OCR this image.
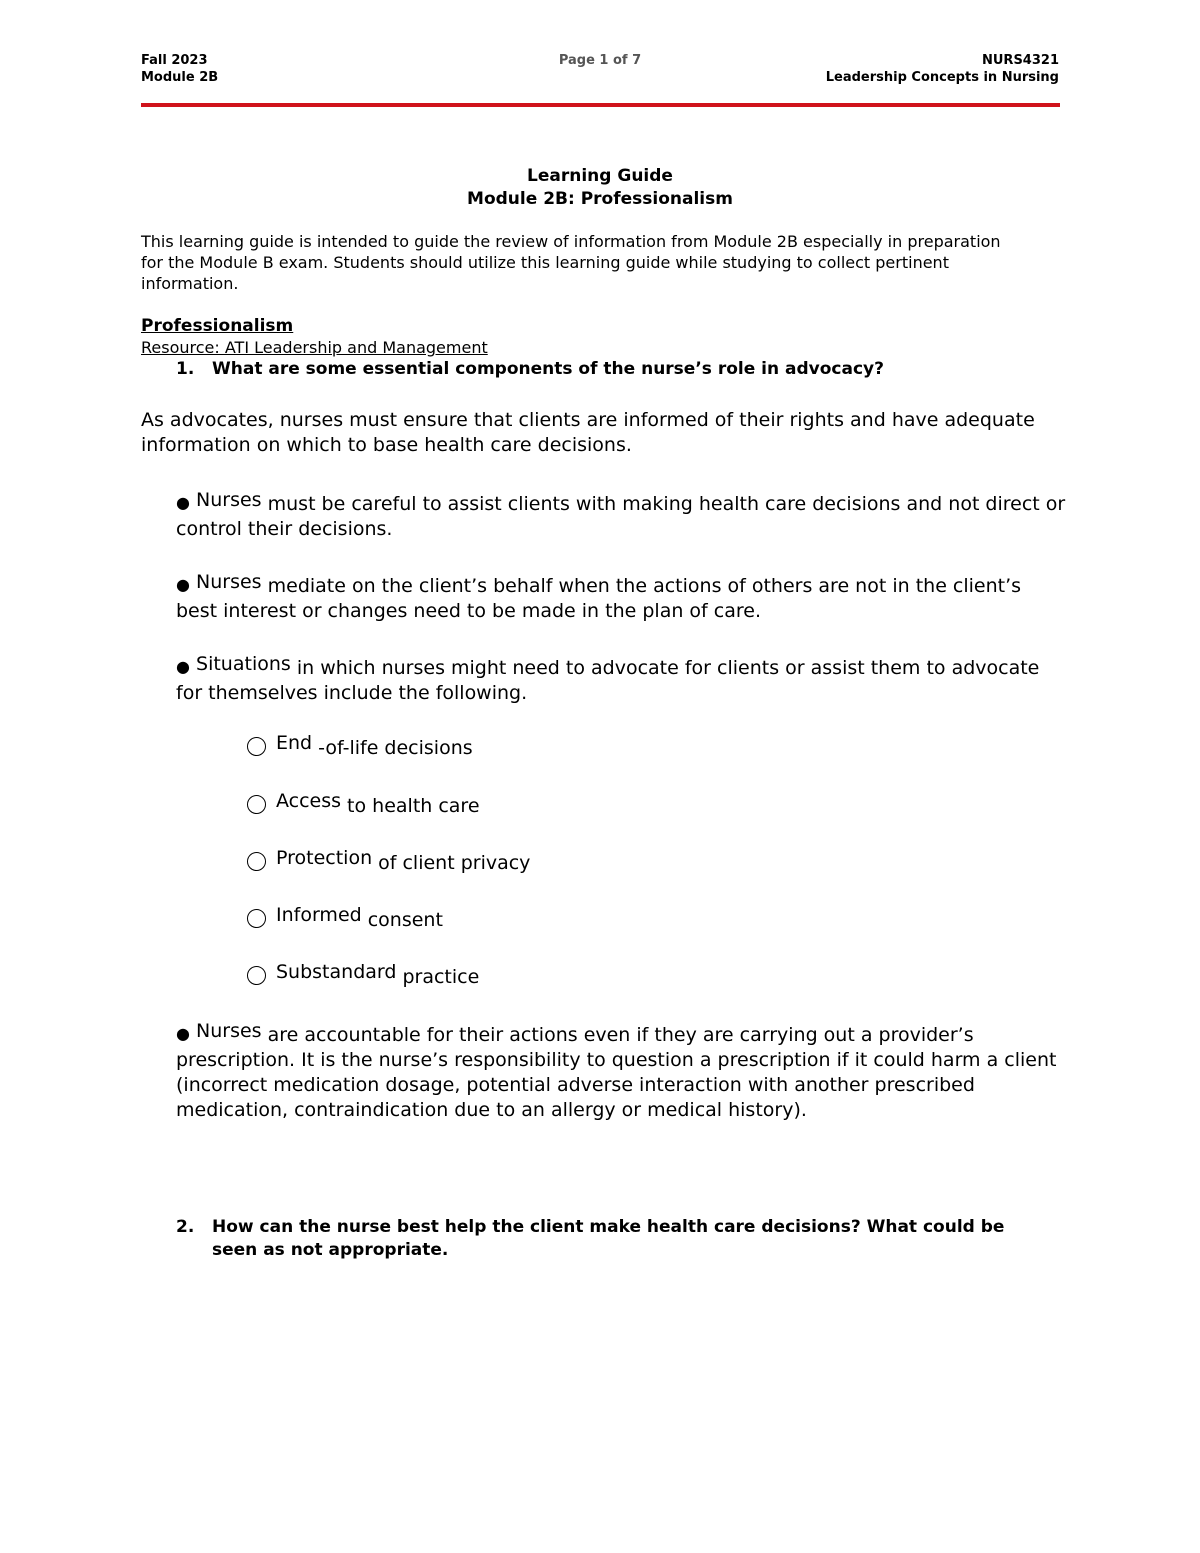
Fall 2023
Module 2B
Page 1 of 7	NURS4321
Leadership Concepts in Nursing
Learning Guide
Module 2B: Professionalism
This learning guide is intended to guide the review of information from Module 2B especially in preparation for the Module B exam. Students should utilize this learning guide while studying to collect pertinent information.
Professionalism
Resource: ATI Leadership and Management
1.	What are some essential components of the nurse’s role in advocacy?
As advocates, nurses must ensure that clients are informed of their rights and have adequate information on which to base health care decisions.
● Nurses must be careful to assist clients with making health care decisions and not direct or control their decisions.
● Nurses mediate on the client’s behalf when the actions of others are not in the client’s best interest or changes need to be made in the plan of care.
● Situations in which nurses might need to advocate for clients or assist them to advocate for themselves include the following.
End -of-life decisions
Access to health care
Protection of client privacy
Informed consent
Substandard practice
● Nurses are accountable for their actions even if they are carrying out a provider’s prescription. It is the nurse’s responsibility to question a prescription if it could harm a client (incorrect medication dosage, potential adverse interaction with another prescribed medication, contraindication due to an allergy or medical history).
2.	How can the nurse best help the client make health care decisions? What could be seen as not appropriate.
